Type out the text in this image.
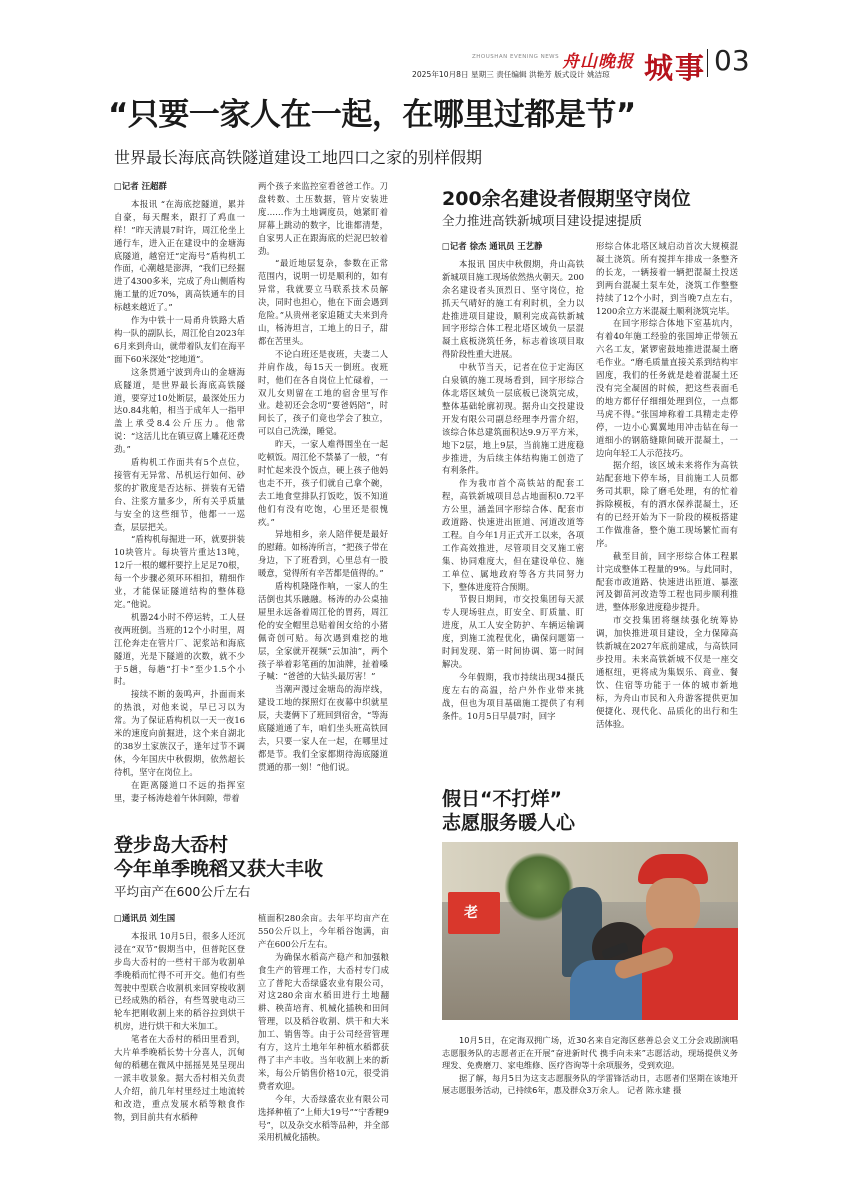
ZHOUSHAN EVENING NEWS 舟山晚报
2025年10月8日 星期三 责任编辑 洪艳芳 版式设计 姚洁琼 城事 03
“只要一家人在一起，在哪里过都是节”
世界最长海底高铁隧道建设工地四口之家的别样假期
□记者 汪超群

本报讯 “在海底挖隧道，累并自豪，每天醒来，跟打了鸡血一样！”昨天清晨7时许，周江伦坐上通行车，进入正在建设中的金塘海底隧道，越窑迁“定海号”盾构机工作面，心潮越是澎湃，“我们已经掘进了4300多米，完成了舟山侧盾构施工量的近70%，离高铁通车的目标越来越近了。”

作为中铁十一局甬舟铁路大盾构一队的副队长，周江伦自2023年6月来到舟山，就带着队友们在海平面下60米深处“挖地道”。

这条贯通宁波到舟山的金塘海底隧道，是世界最长海底高铁隧道，要穿过10处断层，最深处压力达0.84兆帕，相当于成年人一指甲盖上承受8.4公斤压力。他常说：“这活儿比在镇豆腐上雕花还费劲。”

盾构机工作面共有5个点位，接管有无异常、吊机运行如何、砂浆的扩散度是否达标、拼装有无错台、注浆方量多少，所有关乎质量与安全的这些细节，他都一一巡查，层层把关。

“盾构机每掘进一环，就要拼装10块管片。每块管片重达13吨，12斤一根的螺杆要拧上足足70根，每一个步骤必须环环相扣，精细作业，才能保证隧道结构的整体稳定。”他说。

机器24小时不停运转，工人昼夜两班倒。当班的12个小时里，周江伦奔走在管片厂、泥浆站和海底隧道，光是下隧道的次数，就不少于5趟，每趟“打卡”至少1.5个小时。

接续不断的轰鸣声，扑面而来的热浪，对他来说，早已习以为常。为了保证盾构机以一天一夜16米的速度向前掘进，这个来自湖北的38岁土家族汉子，逢年过节不调休，今年国庆中秋假期，依然超长待机，坚守在岗位上。

在距离隧道口不远的指挥室里，妻子杨涛趁着午休间隙，带着

两个孩子来监控室看爸爸工作。刀盘转数、土压数据，管片安装进度……作为土地调度员，她紧盯着屏幕上跳动的数字，比谁都清楚，自家男人正在跟海底的烂泥巴较着劲。

“最近地层复杂，参数在正常范围内，说明一切是顺利的，如有异常，我就要立马联系技术员解决，同时也担心，他在下面会遇到危险。”从贵州老家追随丈夫来到舟山，杨涛坦言，工地上的日子，甜都在苦里头。

不论白班还是夜班，夫妻二人并肩作战，每15天一倒班。夜班时，他们在各自岗位上忙碌着，一双儿女则留在工地的宿舍里写作业。趁初还会念叨“要爸妈陪”，时间长了，孩子们竟也学会了独立，可以自己洗澡，睡觉。

昨天，一家人难得围坐在一起吃顿饭。周江伦不禁暴了一般，“有时忙起来没个饭点，硬上孩子他妈也走不开，孩子们就自己拿个碗，去工地食堂排队打饭吃，饭不知道他们有没有吃饱，心里还是很愧疚。”

异地相乡，亲人陪伴便是最好的慰藉。如杨涛所言，“把孩子带在身边，下了班看到，心里总有一股暖意，觉得所有辛苦都是值得的。”

盾构机隆隆作响，一家人的生活倒也其乐融融。杨涛的办公桌抽屉里永远备着周江伦的胃药，周江伦的安全帽里总贴着闺女给的小猪佩奇创可贴。每次遇到难挖的地层，全家就开视频“云加油”，两个孩子举着彩笔画的加油牌，扯着嗓子喊：“爸爸的大钻头最厉害！”

当潮声漫过金塘岛的海岸线，建设工地的探照灯在夜幕中织就星辰，夫妻俩下了班回到宿舍，“等海底隧道通了车，咱们坐头班高铁回去，只要一家人在一起，在哪里过都是节。我们全家都期待海底隧道贯通的那一刻！”他们说。

200余名建设者假期坚守岗位
全力推进高铁新城项目建设提速提质
□记者 徐杰 通讯员 王艺静

本报讯 国庆中秋假期，舟山高铁新城项目施工现场依然热火朝天。200余名建设者头顶烈日、坚守岗位，抢抓天气晴好的施工有利时机，全力以赴推进项目建设，顺利完成高铁新城回字形综合体工程北塔区域负一层混凝土底板浇筑任务，标志着该项目取得阶段性重大进展。

中秋节当天，记者在位于定海区白泉镇的施工现场看到，回字形综合体北塔区域负一层底板已浇筑完成，整体基础轮廓初现。据舟山交投建设开发有限公司副总经理李丹雷介绍，该综合体总建筑面积达9.9万平方米，地下2层，地上9层，当前施工进度稳步推进，为后续主体结构施工创造了有利条件。

作为我市首个高铁站的配套工程，高铁新城项目总占地面积0.72平方公里，涵盖回字形综合体、配套市政道路、快速进出匝道、河道改道等工程。自今年1月正式开工以来，各项工作高效推进，尽管项目交叉施工密集、协同难度大，但在建设单位、施工单位、属地政府等各方共同努力下，整体进度符合预期。

节假日期间，市交投集团每天派专人现场驻点，盯安全、盯质量、盯进度，从工人安全防护、车辆运输调度，到施工流程优化，确保问题第一时间发现、第一时间协调、第一时间解决。

今年假期，我市持续出现34摄氏度左右的高温，给户外作业带来挑战，但也为项目基础施工提供了有利条件。10月5日早晨7时，回字

形综合体北塔区域启动首次大规模混凝土浇筑。所有搅拌车排成一条整齐的长龙，一辆接着一辆把混凝土投送到两台混凝土泵车处，浇筑工作整整持续了12个小时，到当晚7点左右，1200余立方米混凝土顺利浇筑完毕。

在回字形综合体地下室基坑内，有着40年施工经验的张国坤正带领五六名工友，紧锣密鼓地推进混凝土磨毛作业。“磨毛质量直接关系到结构牢固度，我们的任务就是趁着混凝土还没有完全凝固的时候，把这些表面毛的地方都仔仔细细处理到位，一点都马虎不得。”张国坤称着工具精走走停停，一边小心翼翼地用冲击钻在每一道细小的钢筋缝隙间破开混凝土，一边向年轻工人示范技巧。

据介绍，该区域未来将作为高铁站配套地下停车场，目前施工人员都务司其职，除了磨毛处理，有的忙着拆除模板，有的洒水保养混凝土，还有的已经开始为下一阶段的模板搭建工作做准备，整个施工现场繁忙而有序。

截至目前，回字形综合体工程累计完成整体工程量的9%。与此同时，配套市政道路、快速进出匝道、暴涨河及御苗河改造等工程也同步顺利推进，整体形象进度稳步提升。

市交投集团将继续强化统筹协调，加快推进项目建设，全力保障高铁新城在2027年底前建成，与高铁同步投用。未来高铁新城不仅是一座交通枢纽，更将成为集娱乐、商业、餐饮、住宿等功能于一体的城市新地标，为舟山市民和入舟游客提供更加便捷化、现代化、品质化的出行和生活体验。

登步岛大岙村
今年单季晚稻又获大丰收
平均亩产在600公斤左右
□通讯员 刘生国

本报讯 10月5日，很多人还沉浸在“双节”假期当中，但普陀区登步岛大岙村的一些村干部为收割单季晚稻而忙得不可开交。他们有些驾驶中型联合收割机来回穿梭收割已经成熟的稻谷，有些驾驶电动三轮车把刚收割上来的稻谷拉到烘干机房，进行烘干和大米加工。

笔者在大岙村的稻田里看到，大片单季晚稻长势十分喜人，沉甸甸的稻穗在微风中摇摇晃晃呈现出一派丰收景象。据大岙村相关负责人介绍，前几年村里经过土地流转和改造，重点发展水稻等粮食作物，到目前共有水稻种

植面积280余亩。去年平均亩产在550公斤以上，今年稻谷饱满，亩产在600公斤左右。

为确保水稻高产稳产和加强粮食生产的管理工作，大岙村专门成立了普陀大岙绿盛农业有限公司，对这280余亩水稻田进行土地翻耕、秧苗培育、机械化插秧和田间管理，以及稻谷收割、烘干和大米加工、销售等。由于公司经营管理有方，这片土地年年种植水稻都获得了丰产丰收。当年收割上来的新米，每公斤销售价格10元，很受消费者欢迎。

今年，大岙绿盛农业有限公司选择种植了“上师大19号”“宁香粳9号”，以及杂交水稻等品种，并全部采用机械化插秧。

假日“不打烊”
志愿服务暖人心
老

10月5日，在定海双拥广场，近30名来自定海区慈善总会义工分会戏剧演唱志愿服务队的志愿者正在开展“奋进新时代 携手向未来”志愿活动，现场提供义务理发、免费磨刀、家电维修、医疗咨询等十余项服务，受到欢迎。

据了解，每月5日为这支志愿服务队的学雷锋活动日，志愿者们坚期在该地开展志愿服务活动，已持续6年，惠及群众3万余人。 记者 陈永建 摄
